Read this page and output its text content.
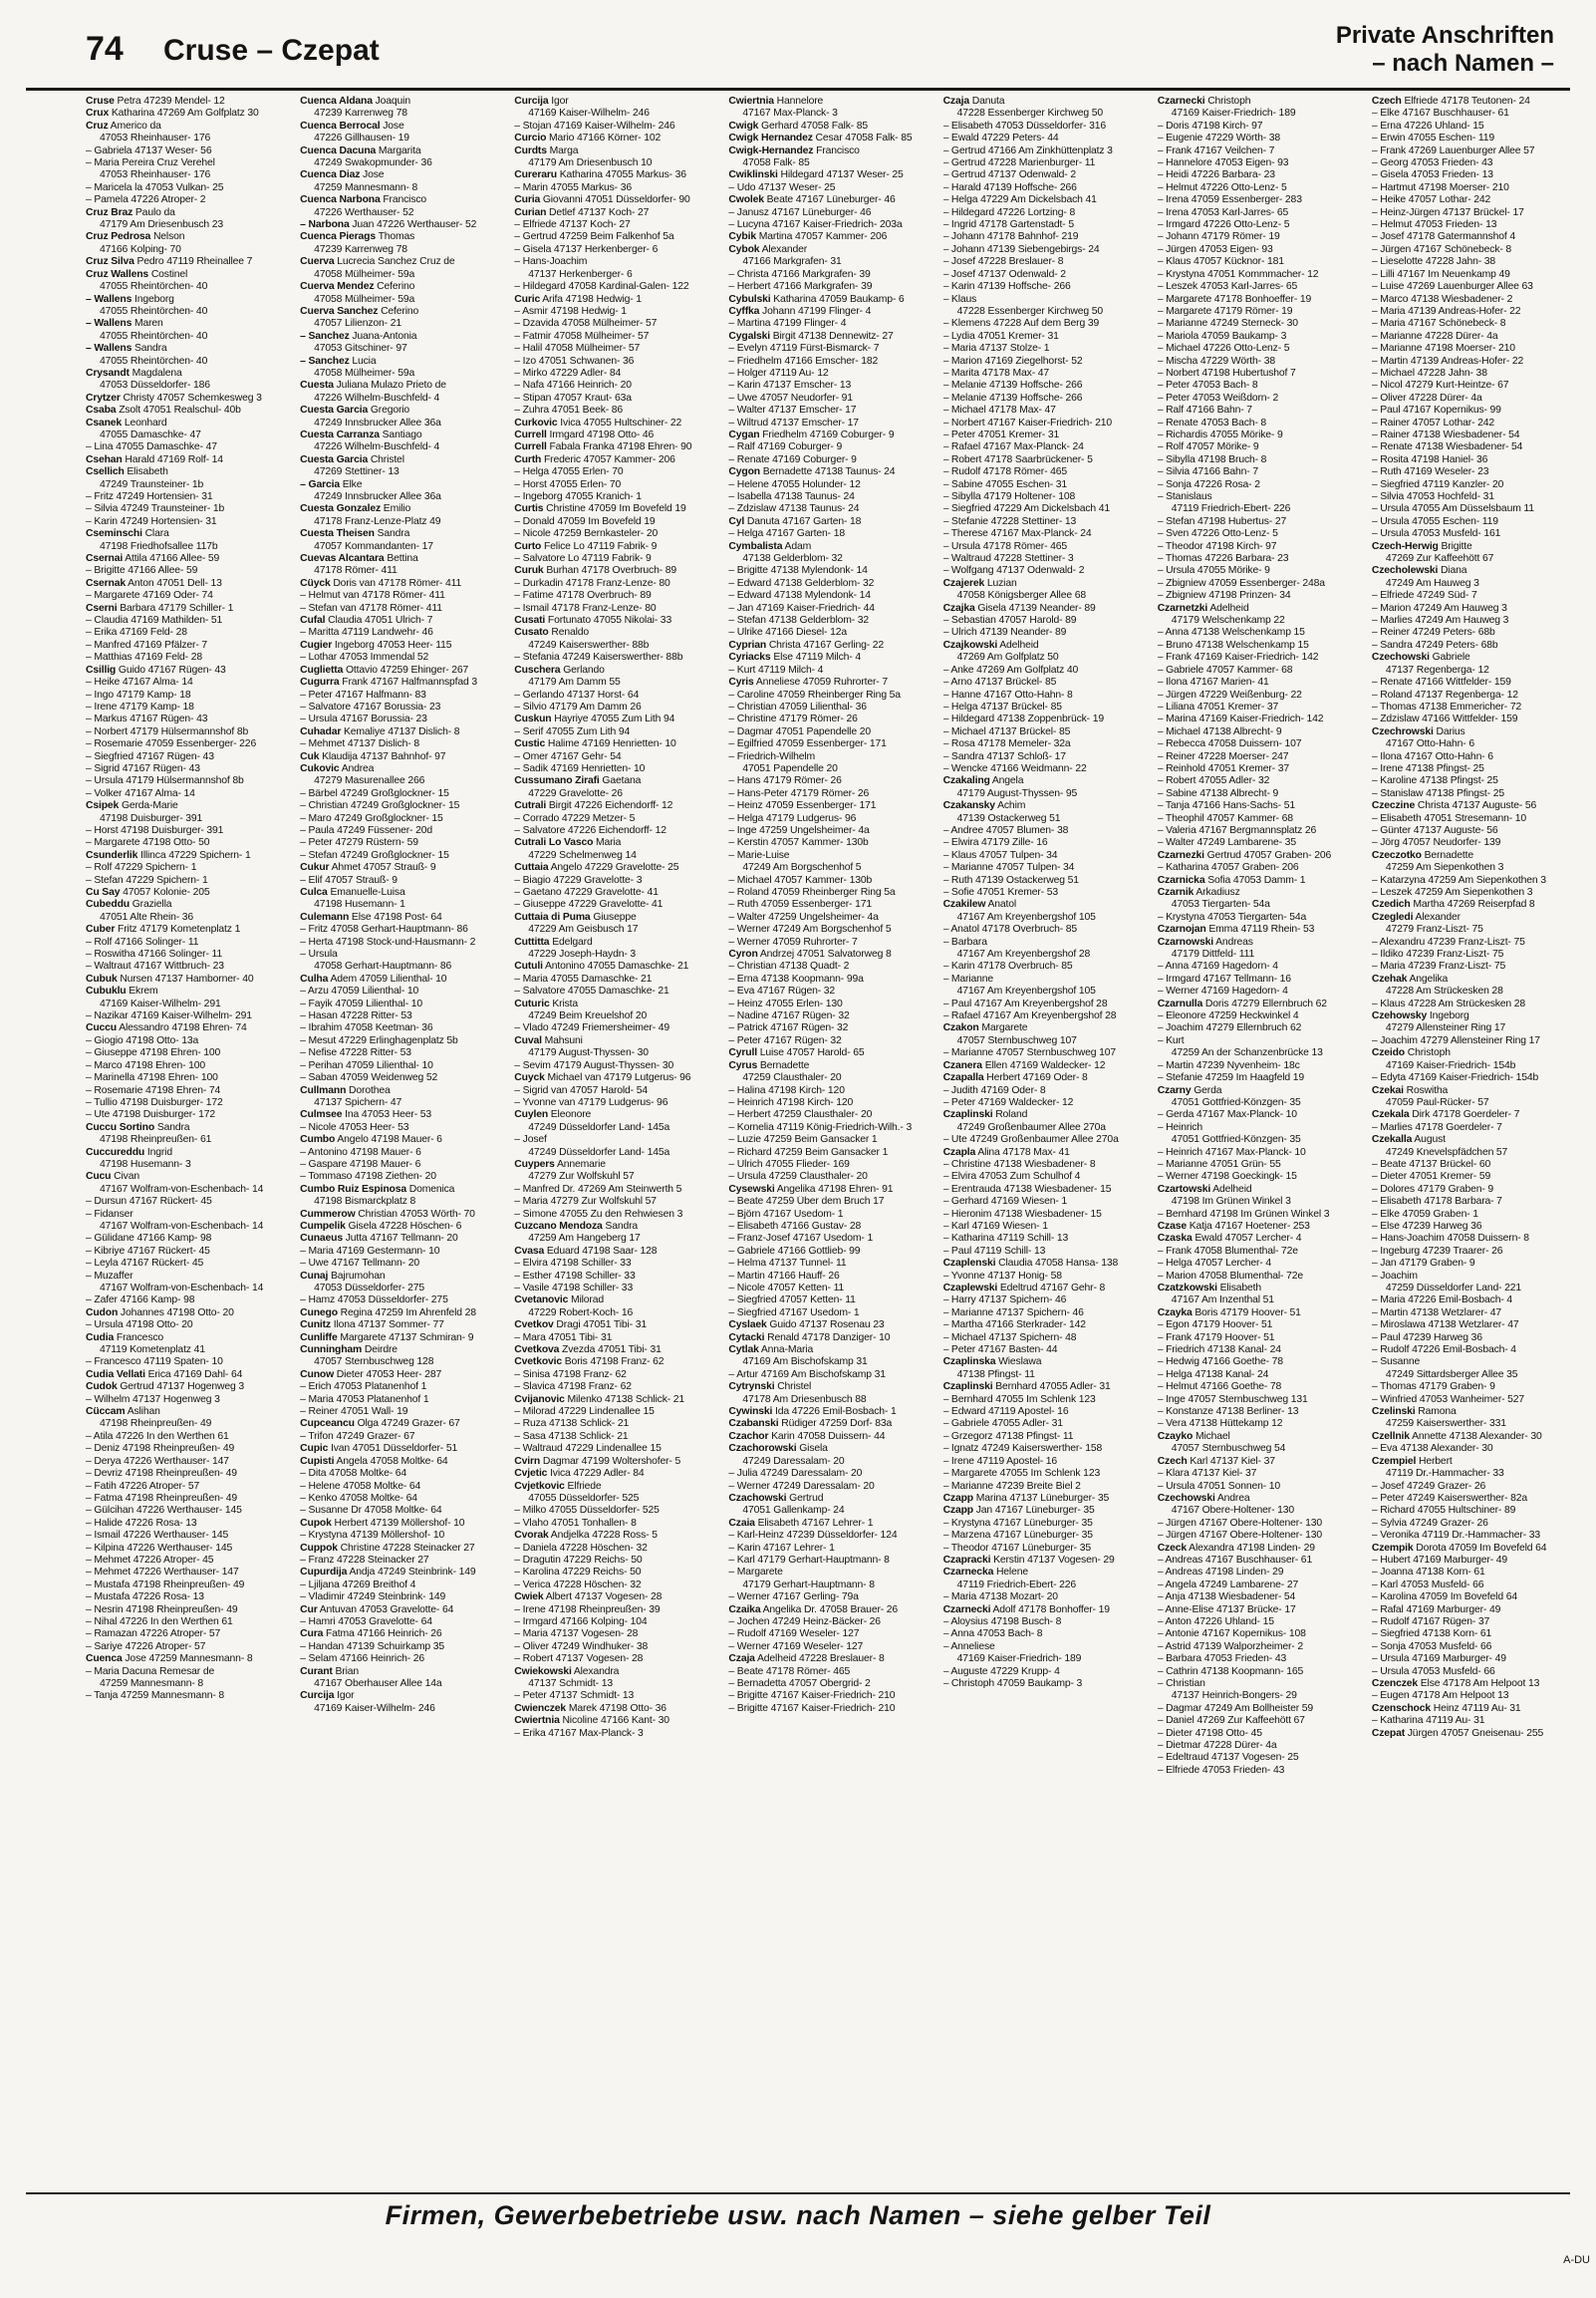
74 Cruse – Czepat	Private Anschriften
– nach Namen –
Cruse Petra 47239 Mendel- 12
Crux Katharina 47269 Am Golfplatz 30
Cruz Americo da
47053 Rheinhauser- 176
– Gabriela 47137 Weser- 56
– Maria Pereira Cruz Verehel
47053 Rheinhauser- 176
– Maricela la 47053 Vulkan- 25
– Pamela 47226 Atroper- 2
Cruz Braz Paulo da
47179 Am Driesenbusch 23
Cruz Pedrosa Nelson
47166 Kolping- 70
Cruz Silva Pedro 47119 Rheinallee 7
Cruz Wallens Costinel
47055 Rheintörchen- 40
– Wallens Ingeborg
47055 Rheintörchen- 40
– Wallens Maren
47055 Rheintörchen- 40
– Wallens Sandra
47055 Rheintörchen- 40
Crysandt Magdalena
47053 Düsseldorfer- 186
Crytzer Christy 47057 Schemkesweg 3
Csaba Zsolt 47051 Realschul- 40b
Csanek Leonhard
47055 Damaschke- 47
– Lina 47055 Damaschke- 47
Csehan Harald 47169 Rolf- 14
Csellich Elisabeth
47249 Traunsteiner- 1b
– Fritz 47249 Hortensien- 31
– Silvia 47249 Traunsteiner- 1b
– Karin 47249 Hortensien- 31
Cseminschi Clara
47198 Friedhofsallee 117b
Csernai Attila 47166 Allee- 59
– Brigitte 47166 Allee- 59
Csernak Anton 47051 Dell- 13
– Margarete 47169 Oder- 74
Cserni Barbara 47179 Schiller- 1
– Claudia 47169 Mathilden- 51
– Erika 47169 Feld- 28
– Manfred 47169 Pfälzer- 7
– Matthias 47169 Feld- 28
Csillig Guido 47167 Rügen- 43
– Heike 47167 Alma- 14
– Ingo 47179 Kamp- 18
– Irene 47179 Kamp- 18
– Markus 47167 Rügen- 43
– Norbert 47179 Hülsermannshof 8b
– Rosemarie 47059 Essenberger- 226
– Siegfried 47167 Rügen- 43
– Sigrid 47167 Rügen- 43
– Ursula 47179 Hülsermannshof 8b
– Volker 47167 Alma- 14
Csipek Gerda-Marie
47198 Duisburger- 391
– Horst 47198 Duisburger- 391
– Margarete 47198 Otto- 50
Csunderlik Illinca 47229 Spichern- 1
– Rolf 47229 Spichern- 1
– Stefan 47229 Spichern- 1
Cu Say 47057 Kolonie- 205
Cubeddu Graziella
47051 Alte Rhein- 36
Cuber Fritz 47179 Kometenplatz 1
– Rolf 47166 Solinger- 11
– Roswitha 47166 Solinger- 11
– Waltraut 47167 Wittbruch- 23
Cubuk Nursen 47137 Hamborner- 40
Cubuklu Ekrem
47169 Kaiser-Wilhelm- 291
– Nazikar 47169 Kaiser-Wilhelm- 291
Cuccu Alessandro 47198 Ehren- 74
– Giogio 47198 Otto- 13a
– Giuseppe 47198 Ehren- 100
– Marco 47198 Ehren- 100
– Marinella 47198 Ehren- 100
– Rosemarie 47198 Ehren- 74
– Tullio 47198 Duisburger- 172
– Ute 47198 Duisburger- 172
Cuccu Sortino Sandra
47198 Rheinpreußen- 61
Cuccureddu Ingrid
47198 Husemann- 3
Cucu Civan
47167 Wolfram-von-Eschenbach- 14
– Dursun 47167 Rückert- 45
– Fidanser
47167 Wolfram-von-Eschenbach- 14
– Gülidane 47166 Kamp- 98
– Kibriye 47167 Rückert- 45
– Leyla 47167 Rückert- 45
– Muzaffer
47167 Wolfram-von-Eschenbach- 14
– Zafer 47166 Kamp- 98
Cudon Johannes 47198 Otto- 20
– Ursula 47198 Otto- 20
Cudia Francesco
47119 Kometenplatz 41
– Francesco 47119 Spaten- 10
Cudia Vellati Erica 47169 Dahl- 64
Cudok Gertrud 47137 Hogenweg 3
– Wilhelm 47137 Hogenweg 3
Cüccam Aslihan
47198 Rheinpreußen- 49
– Atila 47226 In den Werthen 61
– Deniz 47198 Rheinpreußen- 49
– Derya 47226 Werthauser- 147
– Devriz 47198 Rheinpreußen- 49
– Fatih 47226 Atroper- 57
– Fatma 47198 Rheinpreußen- 49
– Gülcihan 47226 Werthauser- 145
– Halide 47226 Rosa- 13
– Ismail 47226 Werthauser- 145
– Kilpina 47226 Werthauser- 145
– Mehmet 47226 Atroper- 45
– Mehmet 47226 Werthauser- 147
– Mustafa 47198 Rheinpreußen- 49
– Mustafa 47226 Rosa- 13
– Nesrin 47198 Rheinpreußen- 49
– Nihal 47226 In den Werthen 61
– Ramazan 47226 Atroper- 57
– Sariye 47226 Atroper- 57
Cuenca Jose 47259 Mannesmann- 8
– Maria Dacuna Remesar de
47259 Mannesmann- 8
– Tanja 47259 Mannesmann- 8
Cuenca Aldana Joaquin
47239 Karrenweg 78
Cuenca Berrocal Jose
47226 Gillhausen- 19
Cuenca Dacuna Margarita
47249 Swakopmunder- 36
Cuenca Diaz Jose
47259 Mannesmann- 8
Cuenca Narbona Francisco
47226 Werthauser- 52
– Narbona Juan 47226 Werthauser- 52
Cuenca Pierags Thomas
47239 Karrenweg 78
Cuerva Lucrecia Sanchez Cruz de
47058 Mülheimer- 59a
Cuerva Mendez Ceferino
47058 Mülheimer- 59a
Cuerva Sanchez Ceferino
47057 Lilienzon- 21
– Sanchez Juana-Antonia
47053 Gitschiner- 97
– Sanchez Lucia
47058 Mülheimer- 59a
Cuesta Juliana Mulazo Prieto de
47226 Wilhelm-Buschfeld- 4
Cuesta Garcia Gregorio
47249 Innsbrucker Allee 36a
Cuesta Carranza Santiago
47226 Wilhelm-Buschfeld- 4
Cuesta Garcia Christel
47269 Stettiner- 13
– Garcia Elke
47249 Innsbrucker Allee 36a
Cuesta Gonzalez Emilio
47178 Franz-Lenze-Platz 49
Cuesta Theisen Sandra
47057 Kommandanten- 17
Cuevas Alcantara Bettina
47178 Römer- 411
Cüyck Doris van 47178 Römer- 411
– Helmut van 47178 Römer- 411
– Stefan van 47178 Römer- 411
Cufal Claudia 47051 Ulrich- 7
– Maritta 47119 Landwehr- 46
Cugier Ingeborg 47053 Heer- 115
– Lothar 47053 Immendal 52
Cuglietta Ottavio 47259 Ehinger- 267
Cugurra Frank 47167 Halfmannspfad 3
– Peter 47167 Halfmann- 83
– Salvatore 47167 Borussia- 23
– Ursula 47167 Borussia- 23
Cuhadar Kemaliye 47137 Dislich- 8
– Mehmet 47137 Dislich- 8
Cuk Klaudija 47137 Bahnhof- 97
Cukovic Andrea
47279 Masurenallee 266
– Bärbel 47249 Großglockner- 15
– Christian 47249 Großglockner- 15
– Maro 47249 Großglockner- 15
– Paula 47249 Füssener- 20d
– Peter 47279 Rüstern- 59
– Stefan 47249 Großglockner- 15
Cukur Ahmet 47057 Strauß- 9
– Elif 47057 Strauß- 9
Culca Emanuelle-Luisa
47198 Husemann- 1
Culemann Else 47198 Post- 64
– Fritz 47058 Gerhart-Hauptmann- 86
– Herta 47198 Stock-und-Hausmann- 2
– Ursula
47058 Gerhart-Hauptmann- 86
Culha Adem 47059 Lilienthal- 10
– Arzu 47059 Lilienthal- 10
– Fayik 47059 Lilienthal- 10
– Hasan 47228 Ritter- 53
– Ibrahim 47058 Keetman- 36
– Mesut 47229 Erlinghagenplatz 5b
– Nefise 47228 Ritter- 53
– Perihan 47059 Lilienthal- 10
– Saban 47059 Weidenweg 52
Cullmann Dorothea
47137 Spichern- 47
Culmsee Ina 47053 Heer- 53
– Nicole 47053 Heer- 53
Cumbo Angelo 47198 Mauer- 6
– Antonino 47198 Mauer- 6
– Gaspare 47198 Mauer- 6
– Tommaso 47198 Ziethen- 20
Cumbo Ruiz Espinosa Domenica
47198 Bismarckplatz 8
Cummerow Christian 47053 Wörth- 70
Cumpelik Gisela 47228 Höschen- 6
Cunaeus Jutta 47167 Tellmann- 20
– Maria 47169 Gestermann- 10
– Uwe 47167 Tellmann- 20
Cunaj Bajrumohan
47053 Düsseldorfer- 275
– Hamz 47053 Düsseldorfer- 275
Cunego Regina 47259 Im Ahrenfeld 28
Cunitz Ilona 47137 Sommer- 77
Cunliffe Margarete 47137 Schmiran- 9
Cunningham Deirdre
47057 Sternbuschweg 128
Cunow Dieter 47053 Heer- 287
– Erich 47053 Platanenhof 1
– Maria 47053 Platanenhof 1
– Reiner 47051 Wall- 19
Cupceancu Olga 47249 Grazer- 67
– Trifon 47249 Grazer- 67
Cupic Ivan 47051 Düsseldorfer- 51
Cupisti Angela 47058 Moltke- 64
– Dita 47058 Moltke- 64
– Helene 47058 Moltke- 64
– Kenko 47058 Moltke- 64
– Susanne Dr 47058 Moltke- 64
Cupok Herbert 47139 Möllershof- 10
– Krystyna 47139 Möllershof- 10
Cuppok Christine 47228 Steinacker 27
– Franz 47228 Steinacker 27
Cupurdija Andja 47249 Steinbrink- 149
– Ljiljana 47269 Breithof 4
– Vladimir 47249 Steinbrink- 149
Cur Antuvan 47053 Gravelotte- 64
– Hamri 47053 Gravelotte- 64
Cura Fatma 47166 Heinrich- 26
– Handan 47139 Schuirkamp 35
– Selam 47166 Heinrich- 26
Curant Brian
47167 Oberhauser Allee 14a
Curcija Igor
47169 Kaiser-Wilhelm- 246
Curcija Igor
47169 Kaiser-Wilhelm- 246
– Stojan 47169 Kaiser-Wilhelm- 246
Curcio Mario 47166 Körner- 102
Curdts Marga
47179 Am Driesenbusch 10
Cureraru Katharina 47055 Markus- 36
– Marin 47055 Markus- 36
Curia Giovanni 47051 Düsseldorfer- 90
Curian Detlef 47137 Koch- 27
– Elfriede 47137 Koch- 27
– Gertrud 47259 Beim Falkenhof 5a
– Gisela 47137 Herkenberger- 6
– Hans-Joachim
47137 Herkenberger- 6
– Hildegard 47058 Kardinal-Galen- 122
Curic Arifa 47198 Hedwig- 1
– Asmir 47198 Hedwig- 1
– Dzavida 47058 Mülheimer- 57
– Fatmir 47058 Mülheimer- 57
– Halil 47058 Mülheimer- 57
– Izo 47051 Schwanen- 36
– Mirko 47229 Adler- 84
– Nafa 47166 Heinrich- 20
– Stipan 47057 Kraut- 63a
– Zuhra 47051 Beek- 86
Curkovic Ivica 47055 Hultschiner- 22
Currell Irmgard 47198 Otto- 46
Currell Fabala Franka 47198 Ehren- 90
Curth Frederic 47057 Kammer- 206
– Helga 47055 Erlen- 70
– Horst 47055 Erlen- 70
– Ingeborg 47055 Kranich- 1
Curtis Christine 47059 Im Bovefeld 19
– Donald 47059 Im Bovefeld 19
– Nicole 47259 Bernkasteler- 20
Curto Felice Lo 47119 Fabrik- 9
– Salvatore Lo 47119 Fabrik- 9
Curuk Burhan 47178 Overbruch- 89
– Durkadin 47178 Franz-Lenze- 80
– Fatime 47178 Overbruch- 89
– Ismail 47178 Franz-Lenze- 80
Cusati Fortunato 47055 Nikolai- 33
Cusato Renaldo
47249 Kaiserswerther- 88b
– Stefania 47249 Kaiserswerther- 88b
Cuschera Gerlando
47179 Am Damm 55
– Gerlando 47137 Horst- 64
– Silvio 47179 Am Damm 26
Cuskun Hayriye 47055 Zum Lith 94
– Serif 47055 Zum Lith 94
Custic Halime 47169 Henrietten- 10
– Omer 47167 Gehr- 54
– Sadik 47169 Henrietten- 10
Cussumano Zirafi Gaetana
47229 Gravelotte- 26
Cutrali Birgit 47226 Eichendorff- 12
– Corrado 47229 Metzer- 5
– Salvatore 47226 Eichendorff- 12
Cutrali Lo Vasco Maria
47229 Schelmenweg 14
Cuttaia Angelo 47229 Gravelotte- 25
– Biagio 47229 Gravelotte- 3
– Gaetano 47229 Gravelotte- 41
– Giuseppe 47229 Gravelotte- 41
Cuttaia di Puma Giuseppe
47229 Am Geisbusch 17
Cuttitta Edelgard
47229 Joseph-Haydn- 3
Cutuli Antonino 47055 Damaschke- 21
– Maria 47055 Damaschke- 21
– Salvatore 47055 Damaschke- 21
Cuturic Krista
47249 Beim Kreuelshof 20
– Vlado 47249 Friemersheimer- 49
Cuval Mahsuni
47179 August-Thyssen- 30
– Sevim 47179 August-Thyssen- 30
Cuyck Michael van 47179 Lutgerus- 96
– Sigrid van 47057 Harold- 54
– Yvonne van 47179 Ludgerus- 96
Cuylen Eleonore
47249 Düsseldorfer Land- 145a
– Josef
47249 Düsseldorfer Land- 145a
Cuypers Annemarie
47279 Zur Wolfskuhl 57
– Manfred Dr. 47269 Am Steinwerth 5
– Maria 47279 Zur Wolfskuhl 57
– Simone 47055 Zu den Rehwiesen 3
Cuzcano Mendoza Sandra
47259 Am Hangeberg 17
Cvasa Eduard 47198 Saar- 128
– Elvira 47198 Schiller- 33
– Esther 47198 Schiller- 33
– Vasile 47198 Schiller- 33
Cvetanovic Milorad
47229 Robert-Koch- 16
Cvetkov Dragi 47051 Tibi- 31
– Mara 47051 Tibi- 31
Cvetkova Zvezda 47051 Tibi- 31
Cvetkovic Boris 47198 Franz- 62
– Sinisa 47198 Franz- 62
– Slavica 47198 Franz- 62
Cvijanovic Milenko 47138 Schlick- 21
– Milorad 47229 Lindenallee 15
– Ruza 47138 Schlick- 21
– Sasa 47138 Schlick- 21
– Waltraud 47229 Lindenallee 15
Cvirn Dagmar 47199 Woltershofer- 5
Cvjetic Ivica 47229 Adler- 84
Cvjetkovic Elfriede
47055 Düsseldorfer- 525
– Milko 47055 Düsseldorfer- 525
– Vlaho 47051 Tonhallen- 8
Cvorak Andjelka 47228 Ross- 5
– Daniela 47228 Höschen- 32
– Dragutin 47229 Reichs- 50
– Karolina 47229 Reichs- 50
– Verica 47228 Höschen- 32
Cwiek Albert 47137 Vogesen- 28
– Irene 47198 Rheinpreußen- 39
– Irmgard 47166 Kolping- 104
– Maria 47137 Vogesen- 28
– Oliver 47249 Windhuker- 38
– Robert 47137 Vogesen- 28
Cwiekowski Alexandra
47137 Schmidt- 13
– Peter 47137 Schmidt- 13
Cwienczek Marek 47198 Otto- 36
Cwiertnia Nicoline 47166 Kant- 30
– Erika 47167 Max-Planck- 3
Cwiertnia Hannelore
47167 Max-Planck- 3
Cwigk Gerhard 47058 Falk- 85
Cwigk Hernandez Cesar 47058 Falk- 85
Cwigk-Hernandez Francisco
47058 Falk- 85
Cwiklinski Hildegard 47137 Weser- 25
– Udo 47137 Weser- 25
Cwolek Beate 47167 Lüneburger- 46
– Janusz 47167 Lüneburger- 46
– Lucyna 47167 Kaiser-Friedrich- 203a
Cybik Martina 47057 Kammer- 206
Cybok Alexander
47166 Markgrafen- 31
– Christa 47166 Markgrafen- 39
– Herbert 47166 Markgrafen- 39
Cybulski Katharina 47059 Baukamp- 6
Cyffka Johann 47199 Flinger- 4
– Martina 47199 Flinger- 4
Cygalski Birgit 47138 Dennewitz- 27
– Evelyn 47119 Fürst-Bismarck- 7
– Friedhelm 47166 Emscher- 182
– Holger 47119 Au- 12
– Karin 47137 Emscher- 13
– Uwe 47057 Neudorfer- 91
– Walter 47137 Emscher- 17
– Wiltrud 47137 Emscher- 17
Cygan Friedhelm 47169 Coburger- 9
– Ralf 47169 Coburger- 9
– Renate 47169 Coburger- 9
Cygon Bernadette 47138 Taunus- 24
– Helene 47055 Holunder- 12
– Isabella 47138 Taunus- 24
– Zdzislaw 47138 Taunus- 24
Cyl Danuta 47167 Garten- 18
– Helga 47167 Garten- 18
Cymbalista Adam
47138 Gelderblom- 32
– Brigitte 47138 Mylendonk- 14
– Edward 47138 Gelderblom- 32
– Edward 47138 Mylendonk- 14
– Jan 47169 Kaiser-Friedrich- 44
– Stefan 47138 Gelderblom- 32
– Ulrike 47166 Diesel- 12a
Cyprian Christa 47167 Gerling- 22
Cyriacks Else 47119 Milch- 4
– Kurt 47119 Milch- 4
Cyris Anneliese 47059 Ruhrorter- 7
– Caroline 47059 Rheinberger Ring 5a
– Christian 47059 Lilienthal- 36
– Christine 47179 Römer- 26
– Dagmar 47051 Papendelle 20
– Egilfried 47059 Essenberger- 171
– Friedrich-Wilhelm
47051 Papendelle 20
– Hans 47179 Römer- 26
– Hans-Peter 47179 Römer- 26
– Heinz 47059 Essenberger- 171
– Helga 47179 Ludgerus- 96
– Inge 47259 Ungelsheimer- 4a
– Kerstin 47057 Kammer- 130b
– Marie-Luise
47249 Am Borgschenhof 5
– Michael 47057 Kammer- 130b
– Roland 47059 Rheinberger Ring 5a
– Ruth 47059 Essenberger- 171
– Walter 47259 Ungelsheimer- 4a
– Werner 47249 Am Borgschenhof 5
– Werner 47059 Ruhrorter- 7
Cyron Andrzej 47051 Salvatorweg 8
– Christian 47138 Quadt- 2
– Erna 47138 Koopmann- 99a
– Eva 47167 Rügen- 32
– Heinz 47055 Erlen- 130
– Nadine 47167 Rügen- 32
– Patrick 47167 Rügen- 32
– Peter 47167 Rügen- 32
Cyrull Luise 47057 Harold- 65
Cyrus Bernadette
47259 Clausthaler- 20
– Halina 47198 Kirch- 120
– Heinrich 47198 Kirch- 120
– Herbert 47259 Clausthaler- 20
– Kornelia 47119 König-Friedrich-Wilh.- 3
– Luzie 47259 Beim Gansacker 1
– Richard 47259 Beim Gansacker 1
– Ulrich 47055 Flieder- 169
– Ursula 47259 Clausthaler- 20
Cysewski Angelika 47198 Ehren- 91
– Beate 47259 Über dem Bruch 17
– Björn 47167 Usedom- 1
– Elisabeth 47166 Gustav- 28
– Franz-Josef 47167 Usedom- 1
– Gabriele 47166 Gottlieb- 99
– Helma 47137 Tunnel- 11
– Martin 47166 Hauff- 26
– Nicole 47057 Ketten- 11
– Siegfried 47057 Ketten- 11
– Siegfried 47167 Usedom- 1
Cyslaek Guido 47137 Rosenau 23
Cytacki Renald 47178 Danziger- 10
Cytlak Anna-Maria
47169 Am Bischofskamp 31
– Artur 47169 Am Bischofskamp 31
Cytrynski Christel
47178 Am Driesenbusch 88
Cywinski Ida 47226 Emil-Bosbach- 1
Czabanski Rüdiger 47259 Dorf- 83a
Czachor Karin 47058 Duissern- 44
Czachorowski Gisela
47249 Daressalam- 20
– Julia 47249 Daressalam- 20
– Werner 47249 Daressalam- 20
Czachowski Gertrud
47051 Gallenkamp- 24
Czaia Elisabeth 47167 Lehrer- 1
– Karl-Heinz 47239 Düsseldorfer- 124
– Karin 47167 Lehrer- 1
– Karl 47179 Gerhart-Hauptmann- 8
– Margarete
47179 Gerhart-Hauptmann- 8
– Werner 47167 Gerling- 79a
Czaika Angelika Dr. 47058 Brauer- 26
– Jochen 47249 Heinz-Bäcker- 26
– Rudolf 47169 Weseler- 127
– Werner 47169 Weseler- 127
Czaja Adelheid 47228 Breslauer- 8
– Beate 47178 Römer- 465
– Bernadetta 47057 Obergrid- 2
– Brigitte 47167 Kaiser-Friedrich- 210
– Brigitte 47167 Kaiser-Friedrich- 210
Czaja Danuta
47228 Essenberger Kirchweg 50
– Elisabeth 47053 Düsseldorfer- 316
– Ewald 47229 Peters- 44
– Gertrud 47166 Am Zinkhüttenplatz 3
– Gertrud 47228 Marienburger- 11
– Gertrud 47137 Odenwald- 2
– Harald 47139 Hoffsche- 266
– Helga 47229 Am Dickelsbach 41
– Hildegard 47226 Lortzing- 8
– Ingrid 47178 Gartenstadt- 5
– Johann 47178 Bahnhof- 219
– Johann 47139 Siebengebirgs- 24
– Josef 47228 Breslauer- 8
– Josef 47137 Odenwald- 2
– Karin 47139 Hoffsche- 266
– Klaus
47228 Essenberger Kirchweg 50
– Klemens 47228 Auf dem Berg 39
– Lydia 47051 Kremer- 31
– Maria 47137 Stolze- 1
– Marion 47169 Ziegelhorst- 52
– Marita 47178 Max- 47
– Melanie 47139 Hoffsche- 266
– Melanie 47139 Hoffsche- 266
– Michael 47178 Max- 47
– Norbert 47167 Kaiser-Friedrich- 210
– Peter 47051 Kremer- 31
– Rafael 47167 Max-Planck- 24
– Robert 47178 Saarbrückener- 5
– Rudolf 47178 Römer- 465
– Sabine 47055 Eschen- 31
– Sibylla 47179 Holtener- 108
– Siegfried 47229 Am Dickelsbach 41
– Stefanie 47228 Stettiner- 13
– Therese 47167 Max-Planck- 24
– Ursula 47178 Römer- 465
– Waltraud 47228 Stettiner- 3
– Wolfgang 47137 Odenwald- 2
Czajerek Luzian
47058 Königsberger Allee 68
Czajka Gisela 47139 Neander- 89
– Sebastian 47057 Harold- 89
– Ulrich 47139 Neander- 89
Czajkowski Adelheid
47269 Am Golfplatz 50
– Anke 47269 Am Golfplatz 40
– Arno 47137 Brückel- 85
– Hanne 47167 Otto-Hahn- 8
– Helga 47137 Brückel- 85
– Hildegard 47138 Zoppenbrück- 19
– Michael 47137 Brückel- 85
– Rosa 47178 Memeler- 32a
– Sandra 47137 Schloß- 17
– Wencke 47166 Weidmann- 22
Czakaling Angela
47179 August-Thyssen- 95
Czakansky Achim
47139 Ostackerweg 51
– Andree 47057 Blumen- 38
– Elwira 47179 Zille- 16
– Klaus 47057 Tulpen- 34
– Marianne 47057 Tulpen- 34
– Ruth 47139 Ostackerweg 51
– Sofie 47051 Kremer- 53
Czakilew Anatol
47167 Am Kreyenbergshof 105
– Anatol 47178 Overbruch- 85
– Barbara
47167 Am Kreyenbergshof 28
– Karin 47178 Overbruch- 85
– Marianne
47167 Am Kreyenbergshof 105
– Paul 47167 Am Kreyenbergshof 28
– Rafael 47167 Am Kreyenbergshof 28
Czakon Margarete
47057 Sternbuschweg 107
– Marianne 47057 Sternbuschweg 107
Czanera Ellen 47169 Waldecker- 12
Czapalla Herbert 47169 Oder- 8
– Judith 47169 Oder- 8
– Peter 47169 Waldecker- 12
Czaplinski Roland
47249 Großenbaumer Allee 270a
– Ute 47249 Großenbaumer Allee 270a
Czapla Alina 47178 Max- 41
– Christine 47138 Wiesbadener- 8
– Elvira 47053 Zum Schulhof 4
– Erentrauda 47138 Wiesbadener- 15
– Gerhard 47169 Wiesen- 1
– Hieronim 47138 Wiesbadener- 15
– Karl 47169 Wiesen- 1
– Katharina 47119 Schill- 13
– Paul 47119 Schill- 13
Czaplenski Claudia 47058 Hansa- 138
– Yvonne 47137 Honig- 58
Czaplewski Edeltrud 47167 Gehr- 8
– Harry 47137 Spichern- 46
– Marianne 47137 Spichern- 46
– Martha 47166 Sterkrader- 142
– Michael 47137 Spichern- 48
– Peter 47167 Basten- 44
Czaplinska Wieslawa
47138 Pfingst- 11
Czaplinski Bernhard 47055 Adler- 31
– Bernhard 47055 Im Schlenk 123
– Edward 47119 Apostel- 16
– Gabriele 47055 Adler- 31
– Grzegorz 47138 Pfingst- 11
– Ignatz 47249 Kaiserswerther- 158
– Irene 47119 Apostel- 16
– Margarete 47055 Im Schlenk 123
– Marianne 47239 Breite Biel 2
Czapp Marina 47137 Lüneburger- 35
Czapp Jan 47167 Lüneburger- 35
– Krystyna 47167 Lüneburger- 35
– Marzena 47167 Lüneburger- 35
– Theodor 47167 Lüneburger- 35
Czapracki Kerstin 47137 Vogesen- 29
Czarnecka Helene
47119 Friedrich-Ebert- 226
– Maria 47138 Mozart- 20
Czarnecki Adolf 47178 Bonhoffer- 19
– Aloysius 47198 Busch- 8
– Anna 47053 Bach- 8
– Anneliese
47169 Kaiser-Friedrich- 189
– Auguste 47229 Krupp- 4
– Christoph 47059 Baukamp- 3
Czarnecki Christoph
47169 Kaiser-Friedrich- 189
– Doris 47198 Kirch- 97
– Eugenie 47229 Wörth- 38
– Frank 47167 Veilchen- 7
– Hannelore 47053 Eigen- 93
– Heidi 47226 Barbara- 23
– Helmut 47226 Otto-Lenz- 5
– Irena 47059 Essenberger- 283
– Irena 47053 Karl-Jarres- 65
– Irmgard 47226 Otto-Lenz- 5
– Johann 47179 Römer- 19
– Jürgen 47053 Eigen- 93
– Klaus 47057 Kücknor- 181
– Krystyna 47051 Kommmacher- 12
– Leszek 47053 Karl-Jarres- 65
– Margarete 47178 Bonhoeffer- 19
– Margarete 47179 Römer- 19
– Marianne 47249 Sterneck- 30
– Mariola 47059 Baukamp- 3
– Michael 47226 Otto-Lenz- 5
– Mischa 47229 Wörth- 38
– Norbert 47198 Hubertushof 7
– Peter 47053 Bach- 8
– Peter 47053 Weißdorn- 2
– Ralf 47166 Bahn- 7
– Renate 47053 Bach- 8
– Richardis 47055 Mörike- 9
– Rolf 47057 Mörike- 9
– Sibylla 47198 Bruch- 8
– Silvia 47166 Bahn- 7
– Sonja 47226 Rosa- 2
– Stanislaus
47119 Friedrich-Ebert- 226
– Stefan 47198 Hubertus- 27
– Sven 47226 Otto-Lenz- 5
– Theodor 47198 Kirch- 97
– Thomas 47226 Barbara- 23
– Ursula 47055 Mörike- 9
– Zbigniew 47059 Essenberger- 248a
– Zbigniew 47198 Prinzen- 34
Czarnetzki Adelheid
47179 Welschenkamp 22
– Anna 47138 Welschenkamp 15
– Bruno 47138 Welschenkamp 15
– Frank 47169 Kaiser-Friedrich- 142
– Gabriele 47057 Kammer- 68
– Ilona 47167 Marien- 41
– Jürgen 47229 Weißenburg- 22
– Liliana 47051 Kremer- 37
– Marina 47169 Kaiser-Friedrich- 142
– Michael 47138 Albrecht- 9
– Rebecca 47058 Duissern- 107
– Reiner 47228 Moerser- 247
– Reinhold 47051 Kremer- 37
– Robert 47055 Adler- 32
– Sabine 47138 Albrecht- 9
– Tanja 47166 Hans-Sachs- 51
– Theophil 47057 Kammer- 68
– Valeria 47167 Bergmannsplatz 26
– Walter 47249 Lambarene- 35
Czarnezki Gertrud 47057 Graben- 206
– Katharina 47057 Graben- 206
Czarnicka Sofia 47053 Damm- 1
Czarnik Arkadiusz
47053 Tiergarten- 54a
– Krystyna 47053 Tiergarten- 54a
Czarnojan Emma 47119 Rhein- 53
Czarnowski Andreas
47179 Dittfeld- 111
– Anna 47169 Hagedorn- 4
– Irmgard 47167 Tellmann- 16
– Werner 47169 Hagedorn- 4
Czarnulla Doris 47279 Ellernbruch 62
– Eleonore 47259 Heckwinkel 4
– Joachim 47279 Ellernbruch 62
– Kurt
47259 An der Schanzenbrücke 13
– Martin 47239 Nyvenheim- 18c
– Stefanie 47259 Im Haagfeld 19
Czarny Gerda
47051 Gottfried-Könzgen- 35
– Gerda 47167 Max-Planck- 10
– Heinrich
47051 Gottfried-Könzgen- 35
– Heinrich 47167 Max-Planck- 10
– Marianne 47051 Grün- 55
– Werner 47198 Goeckingk- 15
Czartowski Adelheid
47198 Im Grünen Winkel 3
– Bernhard 47198 Im Grünen Winkel 3
Czase Katja 47167 Hoetener- 253
Czaska Ewald 47057 Lercher- 4
– Frank 47058 Blumenthal- 72e
– Helga 47057 Lercher- 4
– Marion 47058 Blumenthal- 72e
Czatzkowski Elisabeth
47167 Am Inzenthal 51
Czayka Boris 47179 Hoover- 51
– Egon 47179 Hoover- 51
– Frank 47179 Hoover- 51
– Friedrich 47138 Kanal- 24
– Hedwig 47166 Goethe- 78
– Helga 47138 Kanal- 24
– Helmut 47166 Goethe- 78
– Inge 47057 Sternbuschweg 131
– Konstanze 47138 Berliner- 13
– Vera 47138 Hüttekamp 12
Czayko Michael
47057 Sternbuschweg 54
Czech Karl 47137 Kiel- 37
– Klara 47137 Kiel- 37
– Ursula 47051 Sonnen- 10
Czechowski Andrea
47167 Obere-Holtener- 130
– Jürgen 47167 Obere-Holtener- 130
– Jürgen 47167 Obere-Holtener- 130
Czeck Alexandra 47198 Linden- 29
– Andreas 47167 Buschhauser- 61
– Andreas 47198 Linden- 29
– Angela 47249 Lambarene- 27
– Anja 47138 Wiesbadener- 54
– Anne-Elise 47137 Brücke- 17
– Anton 47226 Uhland- 15
– Antonie 47167 Kopernikus- 108
– Astrid 47139 Walporzheimer- 2
– Barbara 47053 Frieden- 43
– Cathrin 47138 Koopmann- 165
– Christian
47137 Heinrich-Bongers- 29
– Dagmar 47249 Am Bollheister 59
– Daniel 47269 Zur Kaffeehött 67
– Dieter 47198 Otto- 45
– Dietmar 47228 Dürer- 4a
– Edeltraud 47137 Vogesen- 25
– Elfriede 47053 Frieden- 43
Czech Elfriede 47178 Teutonen- 24
– Elke 47167 Buschhauser- 61
– Erna 47226 Uhland- 15
– Erwin 47055 Eschen- 119
– Frank 47269 Lauenburger Allee 57
– Georg 47053 Frieden- 43
– Gisela 47053 Frieden- 13
– Hartmut 47198 Moerser- 210
– Heike 47057 Lothar- 242
– Heinz-Jürgen 47137 Brückel- 17
– Helmut 47053 Frieden- 13
– Josef 47178 Gatermannshof 4
– Jürgen 47167 Schönebeck- 8
– Lieselotte 47228 Jahn- 38
– Lilli 47167 Im Neuenkamp 49
– Luise 47269 Lauenburger Allee 63
– Marco 47138 Wiesbadener- 2
– Maria 47139 Andreas-Hofer- 22
– Maria 47167 Schönebeck- 8
– Marianne 47228 Dürer- 4a
– Marianne 47198 Moerser- 210
– Martin 47139 Andreas-Hofer- 22
– Michael 47228 Jahn- 38
– Nicol 47279 Kurt-Heintze- 67
– Oliver 47228 Dürer- 4a
– Paul 47167 Kopernikus- 99
– Rainer 47057 Lothar- 242
– Rainer 47138 Wiesbadener- 54
– Renate 47138 Wiesbadener- 54
– Rosita 47198 Haniel- 36
– Ruth 47169 Weseler- 23
– Siegfried 47119 Kanzler- 20
– Silvia 47053 Hochfeld- 31
– Ursula 47055 Am Düsselsbaum 11
– Ursula 47055 Eschen- 119
– Ursula 47053 Musfeld- 161
Czech-Herwig Brigitte
47269 Zur Kaffeehött 67
Czecholewski Diana
47249 Am Hauweg 3
– Elfriede 47249 Süd- 7
– Marion 47249 Am Hauweg 3
– Marlies 47249 Am Hauweg 3
– Reiner 47249 Peters- 68b
– Sandra 47249 Peters- 68b
Czechowski Gabriele
47137 Regenberga- 12
– Renate 47166 Wittfelder- 159
– Roland 47137 Regenberga- 12
– Thomas 47138 Emmericher- 72
– Zdzislaw 47166 Wittfelder- 159
Czechrowski Darius
47167 Otto-Hahn- 6
– Ilona 47167 Otto-Hahn- 6
– Irene 47138 Pfingst- 25
– Karoline 47138 Pfingst- 25
– Stanislaw 47138 Pfingst- 25
Czeczine Christa 47137 Auguste- 56
– Elisabeth 47051 Stresemann- 10
– Günter 47137 Auguste- 56
– Jörg 47057 Neudorfer- 139
Czeczotko Bernadette
47259 Am Siepenkothen 3
– Katarzyna 47259 Am Siepenkothen 3
– Leszek 47259 Am Siepenkothen 3
Czedich Martha 47269 Reiserpfad 8
Czegledi Alexander
47279 Franz-Liszt- 75
– Alexandru 47239 Franz-Liszt- 75
– Ildiko 47239 Franz-Liszt- 75
– Maria 47239 Franz-Liszt- 75
Czehak Angelika
47228 Am Strückesken 28
– Klaus 47228 Am Strückesken 28
Czehowsky Ingeborg
47279 Allensteiner Ring 17
– Joachim 47279 Allensteiner Ring 17
Czeido Christoph
47169 Kaiser-Friedrich- 154b
– Edyta 47169 Kaiser-Friedrich- 154b
Czekai Roswitha
47059 Paul-Rücker- 57
Czekala Dirk 47178 Goerdeler- 7
– Marlies 47178 Goerdeler- 7
Czekalla August
47249 Knevelspfädchen 57
– Beate 47137 Brückel- 60
– Dieter 47051 Kremer- 59
– Dolores 47179 Graben- 9
– Elisabeth 47178 Barbara- 7
– Elke 47059 Graben- 1
– Else 47239 Harweg 36
– Hans-Joachim 47058 Duissern- 8
– Ingeburg 47239 Traarer- 26
– Jan 47179 Graben- 9
– Joachim
47259 Düsseldorfer Land- 221
– Maria 47226 Emil-Bosbach- 4
– Martin 47138 Wetzlarer- 47
– Miroslawa 47138 Wetzlarer- 47
– Paul 47239 Harweg 36
– Rudolf 47226 Emil-Bosbach- 4
– Susanne
47249 Sittardsberger Allee 35
– Thomas 47179 Graben- 9
– Winfried 47053 Wanheimer- 527
Czelinski Ramona
47259 Kaiserswerther- 331
Czellnik Annette 47138 Alexander- 30
– Eva 47138 Alexander- 30
Czempiel Herbert
47119 Dr.-Hammacher- 33
– Josef 47249 Grazer- 26
– Peter 47249 Kaiserswerther- 82a
– Richard 47055 Hultschiner- 89
– Sylvia 47249 Grazer- 26
– Veronika 47119 Dr.-Hammacher- 33
Czempik Dorota 47059 Im Bovefeld 64
– Hubert 47169 Marburger- 49
– Joanna 47138 Korn- 61
– Karl 47053 Musfeld- 66
– Karolina 47059 Im Bovefeld 64
– Rafal 47169 Marburger- 49
– Rudolf 47167 Rügen- 37
– Siegfried 47138 Korn- 61
– Sonja 47053 Musfeld- 66
– Ursula 47169 Marburger- 49
– Ursula 47053 Musfeld- 66
Czenczek Else 47178 Am Helpoot 13
– Eugen 47178 Am Helpoot 13
Czenschock Heinz 47119 Au- 31
– Katharina 47119 Au- 31
Czepat Jürgen 47057 Gneisenau- 255
Firmen, Gewerbebetriebe usw. nach Namen – siehe gelber Teil
A-DU
